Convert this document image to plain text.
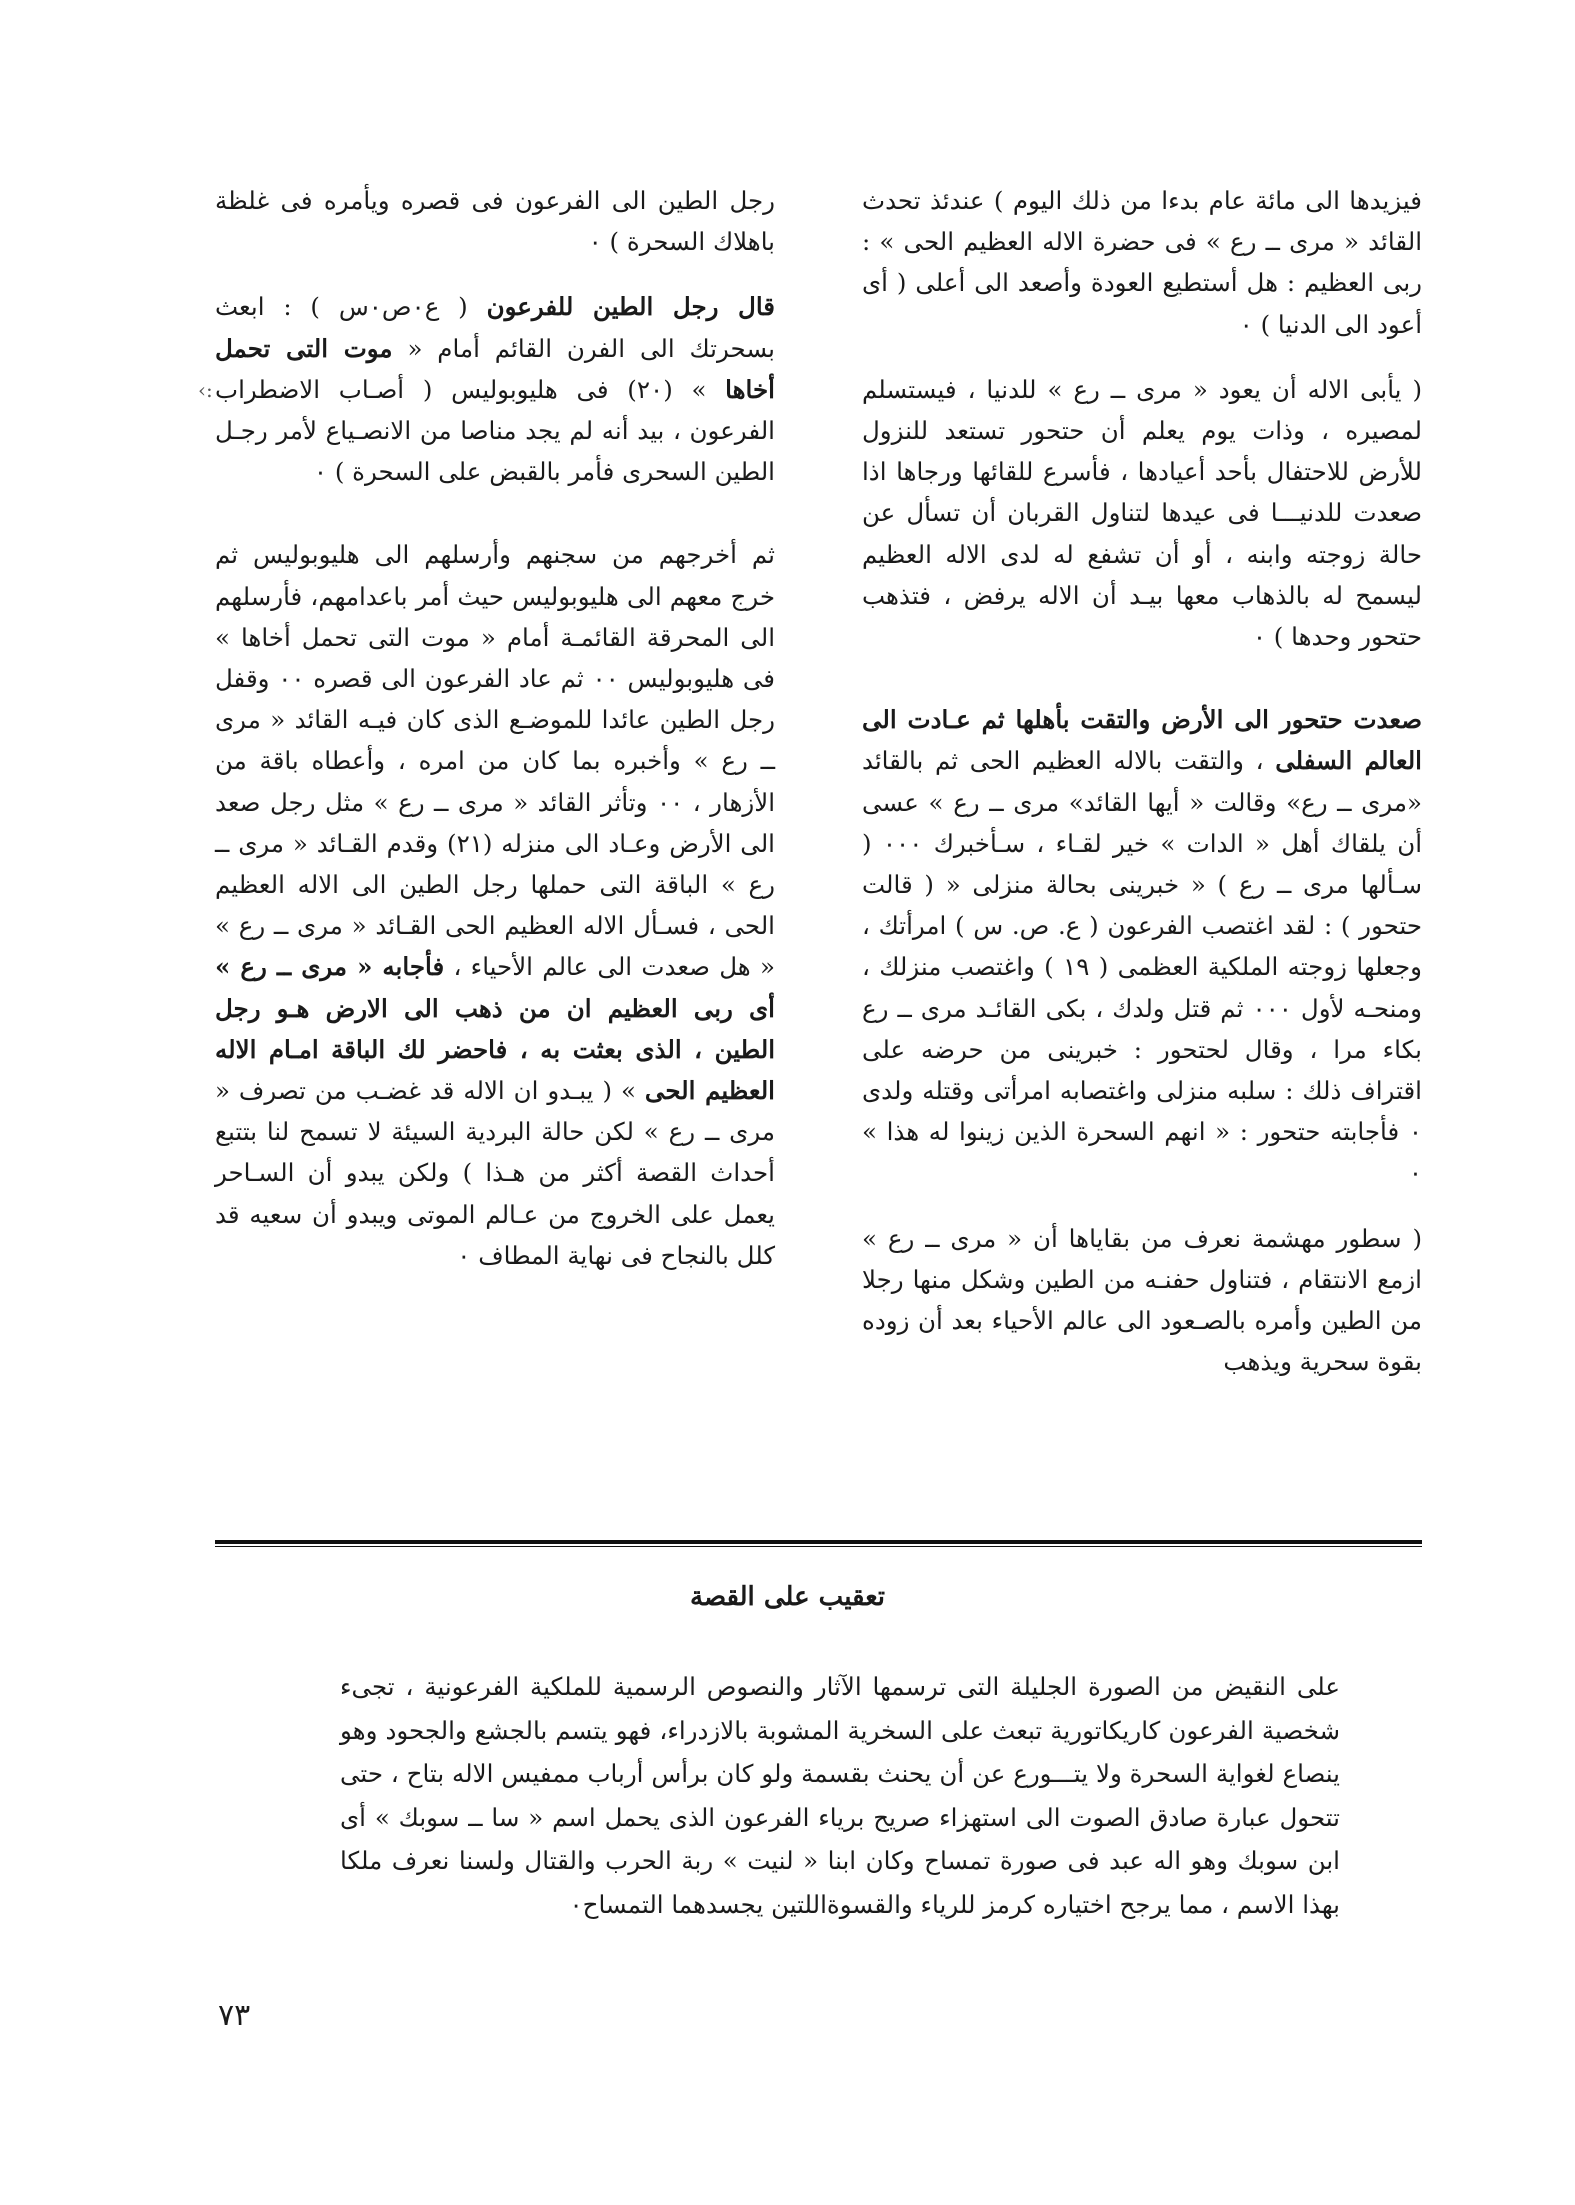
فيزيدها الى مائة عام بدءا من ذلك اليوم ) عندئذ تحدث القائد « مرى ــ رع » فى حضرة الاله العظيم الحى » : ربى العظيم : هل أستطيع العودة وأصعد الى أعلى ( أى أعود الى الدنيا ) ٠

( يأبى الاله أن يعود « مرى ــ رع » للدنيا ، فيستسلم لمصيره ، وذات يوم يعلم أن حتحور تستعد للنزول للأرض للاحتفال بأحد أعيادها ، فأسرع للقائها ورجاها اذا صعدت للدنيـــا فى عيدها لتناول القربان أن تسأل عن حالة زوجته وابنه ، أو أن تشفع له لدى الاله العظيم ليسمح له بالذهاب معها بيـد أن الاله يرفض ، فتذهب حتحور وحدها ) ٠

صعدت حتحور الى الأرض والتقت بأهلها ثم عـادت الى العالم السفلى ، والتقت بالاله العظيم الحى ثم بالقائد «مرى ــ رع» وقالت « أيها القائد» مرى ــ رع » عسى أن يلقاك أهل « الدات » خير لقـاء ، سـأخبرك ٠٠٠ ( سـألها مرى ــ رع ) « خبرينى بحالة منزلى « ( قالت حتحور ) : لقد اغتصب الفرعون ( ع. ص. س ) امرأتك ، وجعلها زوجته الملكية العظمى ( ١٩ ) واغتصب منزلك ، ومنحـه لأول ٠٠٠ ثم قتل ولدك ، بكى القائـد مرى ــ رع بكاء مرا ، وقال لحتحور : خبرينى من حرضه على اقتراف ذلك : سلبه منزلى واغتصابه امرأتى وقتله ولدى ٠ فأجابته حتحور : « انهم السحرة الذين زينوا له هذا » ٠

( سطور مهشمة نعرف من بقاياها أن « مرى ــ رع » ازمع الانتقام ، فتناول حفنـه من الطين وشكل منها رجلا من الطين وأمره بالصـعود الى عالم الأحياء بعد أن زوده بقوة سحرية ويذهب

رجل الطين الى الفرعون فى قصره ويأمره فى غلظة باهلاك السحرة ) ٠

قال رجل الطين للفرعون ( ع٠ص٠س ) : ابعث بسحرتك الى الفرن القائم أمام « موت التى تحمل أخاها » (٢٠) فى هليوبوليس ( أصـاب الاضطراب الفرعون ، بيد أنه لم يجد مناصا من الانصـياع لأمر رجـل الطين السحرى فأمر بالقبض على السحرة ) ٠

ثم أخرجهم من سجنهم وأرسلهم الى هليوبوليس ثم خرج معهم الى هليوبوليس حيث أمر باعدامهم، فأرسلهم الى المحرقة القائمـة أمام « موت التى تحمل أخاها » فى هليوبوليس ٠٠ ثم عاد الفرعون الى قصره ٠٠ وقفل رجل الطين عائدا للموضـع الذى كان فيـه القائد « مرى ــ رع » وأخبره بما كان من امره ، وأعطاه باقة من الأزهار ، ٠٠ وتأثر القائد « مرى ــ رع » مثل رجل صعد الى الأرض وعـاد الى منزله (٢١) وقدم القـائد « مرى ــ رع » الباقة التى حملها رجل الطين الى الاله العظيم الحى ، فسـأل الاله العظيم الحى القـائد « مرى ــ رع » « هل صعدت الى عالم الأحياء ، فأجابه « مرى ــ رع » أى ربى العظيم ان من ذهب الى الارض هـو رجل الطين ، الذى بعثت به ، فاحضر لك الباقة امـام الاله العظيم الحى » ( يبـدو ان الاله قد غضـب من تصرف « مرى ــ رع » لكن حالة البردية السيئة لا تسمح لنا بتتبع أحداث القصة أكثر من هـذا ) ولكن يبدو أن السـاحر يعمل على الخروج من عـالم الموتى ويبدو أن سعيه قد كلل بالنجاح فى نهاية المطاف ٠

‹:
تعقيب على القصة

على النقيض من الصورة الجليلة التى ترسمها الآثار والنصوص الرسمية للملكية الفرعونية ، تجىء شخصية الفرعون كاريكاتورية تبعث على السخرية المشوبة بالازدراء، فهو يتسم بالجشع والجحود وهو ينصاع لغواية السحرة ولا يتـــورع عن أن يحنث بقسمة ولو كان برأس أرباب ممفيس الاله بتاح ، حتى تتحول عبارة صادق الصوت الى استهزاء صريح برياء الفرعون الذى يحمل اسم « سا ــ سوبك » أى ابن سوبك وهو اله عبد فى صورة تمساح وكان ابنا « لنيت » ربة الحرب والقتال ولسنا نعرف ملكا بهذا الاسم ، مما يرجح اختياره كرمز للرياء والقسوةاللتين يجسدهما التمساح٠

٧٣
